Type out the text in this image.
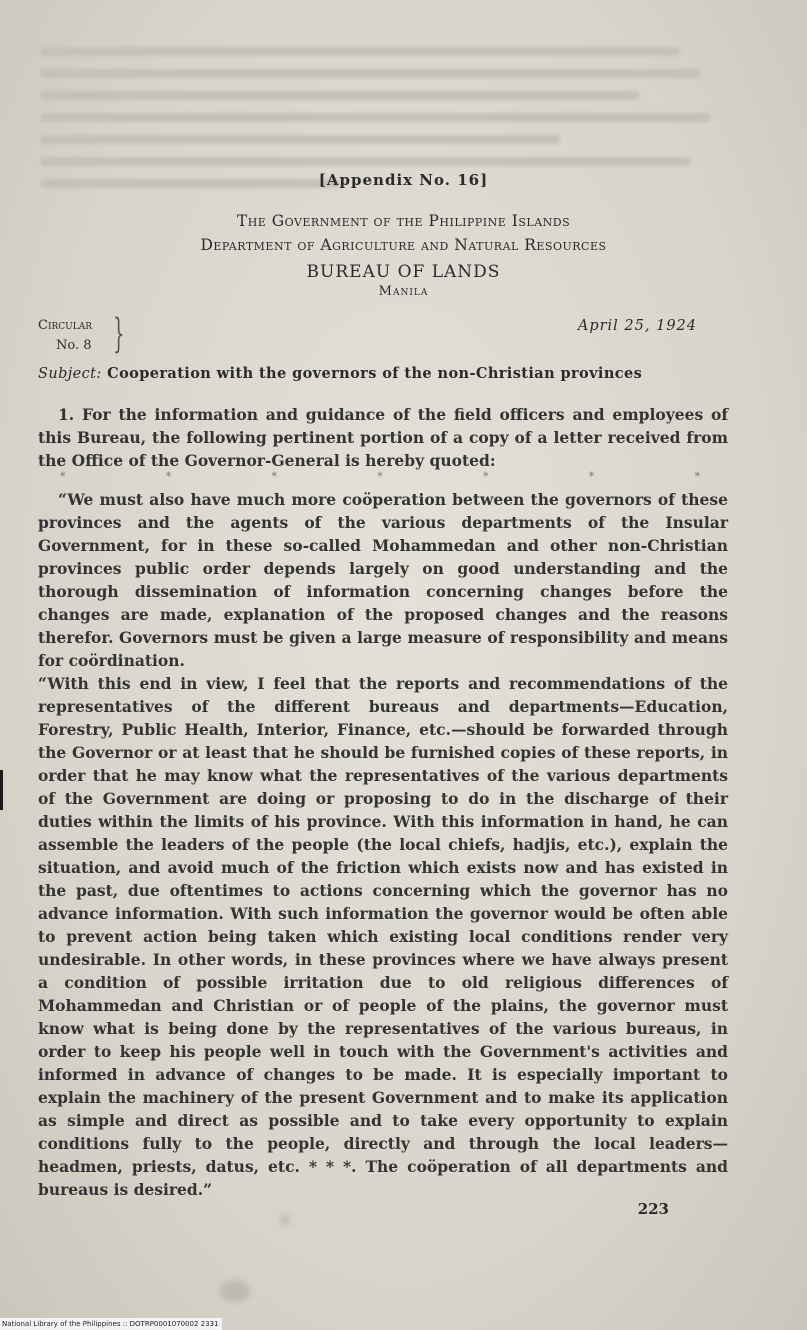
[Appendix No. 16]
The Government of the Philippine Islands
Department of Agriculture and Natural Resources
BUREAU OF LANDS
Manila
Circular
No. 8 }	April 25, 1924
Subject: Cooperation with the governors of the non-Christian provinces
1. For the information and guidance of the field officers and employees of this Bureau, the following pertinent portion of a copy of a letter received from the Office of the Governor-General is hereby quoted:
*	*	*	*	*	*	*
“We must also have much more coöperation between the governors of these provinces and the agents of the various departments of the Insular Government, for in these so-called Mohammedan and other non-Christian provinces public order depends largely on good understanding and the thorough dissemination of information concerning changes before the changes are made, explanation of the proposed changes and the reasons therefor. Governors must be given a large measure of responsibility and means for coördination.
“With this end in view, I feel that the reports and recommendations of the representatives of the different bureaus and departments—Education, Forestry, Public Health, Interior, Finance, etc.—should be forwarded through the Governor or at least that he should be furnished copies of these reports, in order that he may know what the representatives of the various departments of the Government are doing or proposing to do in the discharge of their duties within the limits of his province. With this information in hand, he can assemble the leaders of the people (the local chiefs, hadjis, etc.), explain the situation, and avoid much of the friction which exists now and has existed in the past, due oftentimes to actions concerning which the governor has no advance information. With such information the governor would be often able to prevent action being taken which existing local conditions render very undesirable. In other words, in these provinces where we have always present a condition of possible irritation due to old religious differences of Mohammedan and Christian or of people of the plains, the governor must know what is being done by the representatives of the various bureaus, in order to keep his people well in touch with the Government's activities and informed in advance of changes to be made. It is especially important to explain the machinery of the present Government and to make its application as simple and direct as possible and to take every opportunity to explain conditions fully to the people, directly and through the local leaders—headmen, priests, datus, etc. * * *. The coöperation of all departments and bureaus is desired.”
223
National Library of the Philippines :: DOTRP0001070002 2331
